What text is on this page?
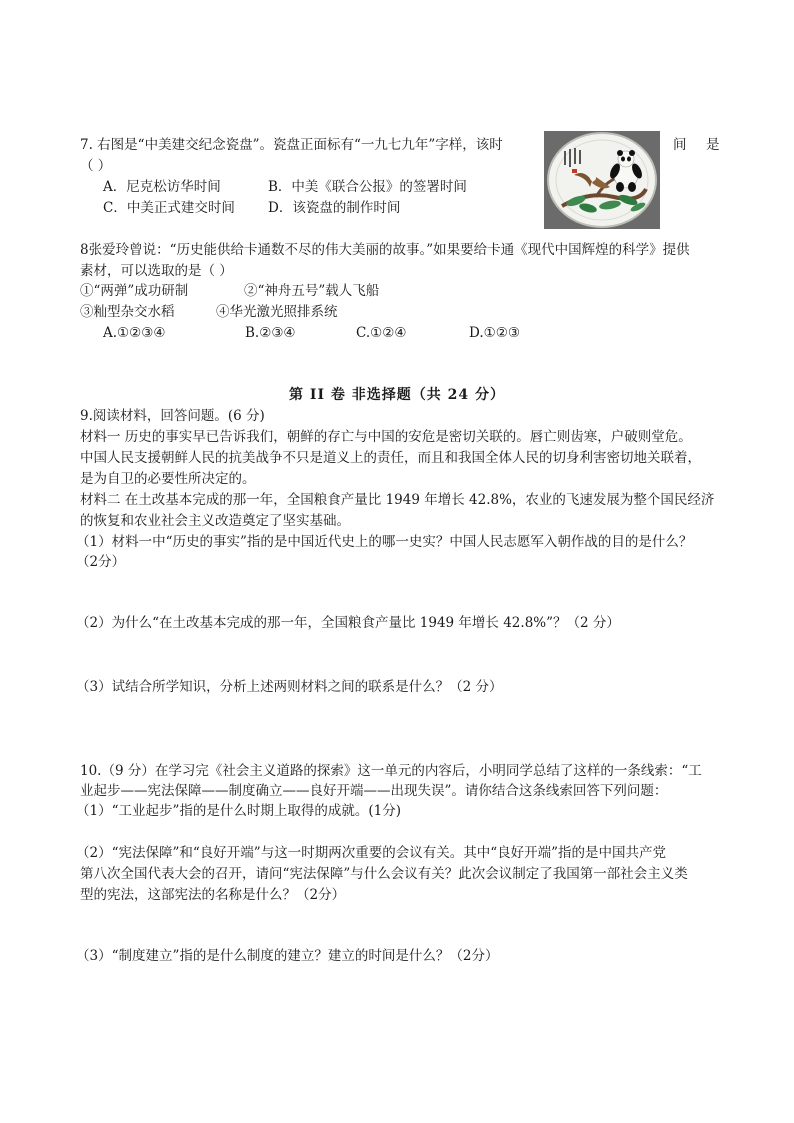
7. 右图是“中美建交纪念瓷盘”。瓷盘正面标有“一九七九年”字样，该时	间 是
（ ）
A．尼克松访华时间	B．中美《联合公报》的签署时间
C．中美正式建交时间 D．该瓷盘的制作时间
8张爱玲曾说：“历史能供给卡通数不尽的伟大美丽的故事。”如果要给卡通《现代中国辉煌的科学》提供
素材，可以选取的是（ ）
①“两弹”成功研制	②“神舟五号”载人飞船
③籼型杂交水稻	④华光激光照排系统
A.①②③④	B.②③④	C.①②④	D.①②③
第 II 卷 非选择题（共 24 分）
9.阅读材料，回答问题。(6 分)
材料一 历史的事实早已告诉我们，朝鲜的存亡与中国的安危是密切关联的。唇亡则齿寒，户破则堂危。
中国人民支援朝鲜人民的抗美战争不只是道义上的责任，而且和我国全体人民的切身利害密切地关联着，
是为自卫的必要性所决定的。
材料二 在土改基本完成的那一年，全国粮食产量比 1949 年增长 42.8%，农业的飞速发展为整个国民经济
的恢复和农业社会主义改造奠定了坚实基础。
（1）材料一中“历史的事实”指的是中国近代史上的哪一史实？中国人民志愿军入朝作战的目的是什么？
（2分）
（2）为什么“在土改基本完成的那一年，全国粮食产量比 1949 年增长 42.8%”？（2 分）
（3）试结合所学知识，分析上述两则材料之间的联系是什么？（2 分）
10.（9 分）在学习完《社会主义道路的探索》这一单元的内容后，小明同学总结了这样的一条线索：“工
业起步——宪法保障——制度确立——良好开端——出现失误”。请你结合这条线索回答下列问题：
（1）“工业起步”指的是什么时期上取得的成就。(1分)
（2）“宪法保障”和“良好开端”与这一时期两次重要的会议有关。其中“良好开端”指的是中国共产党
第八次全国代表大会的召开，请问“宪法保障”与什么会议有关？此次会议制定了我国第一部社会主义类
型的宪法，这部宪法的名称是什么？（2分）
（3）“制度建立”指的是什么制度的建立？建立的时间是什么？（2分）
